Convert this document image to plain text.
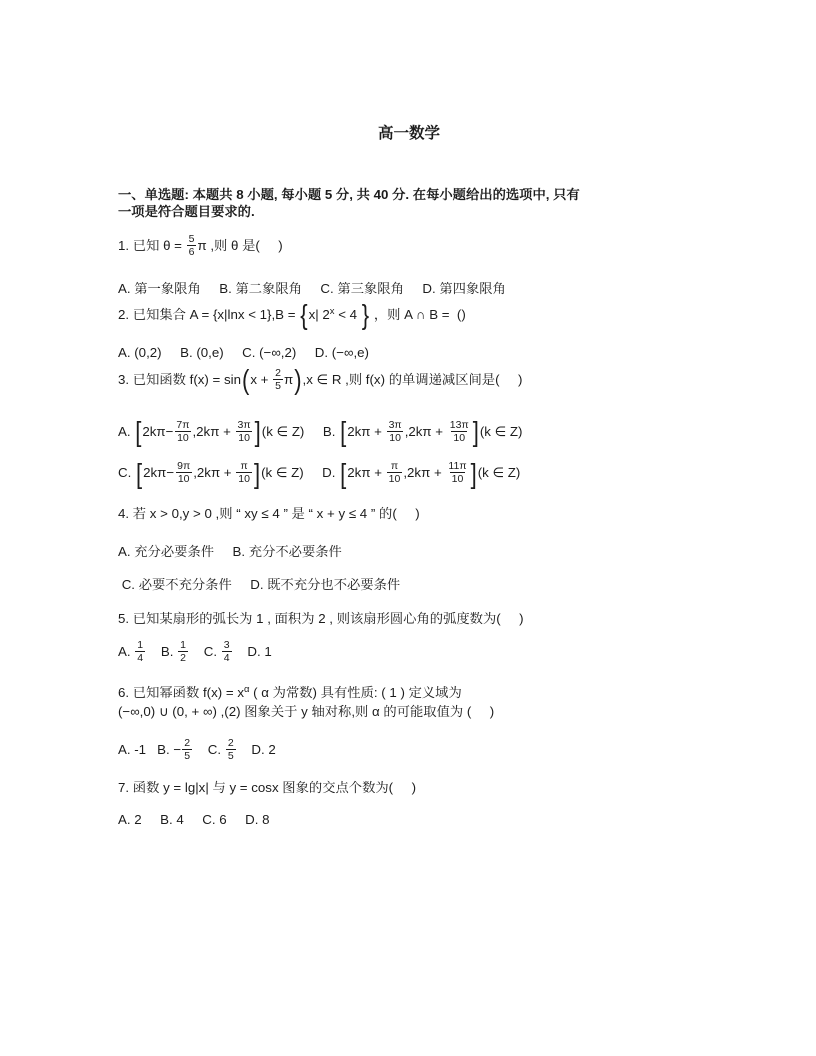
高一数学

一、单选题: 本题共 8 小题, 每小题 5 分, 共 40 分. 在每小题给出的选项中, 只有
一项是符合题目要求的.

1. 已知 $\theta = \frac{5}{6}$ π ,则 θ 是(     )
A. 第一象限角     B. 第二象限角     C. 第三象限角     D. 第四象限角
2. 已知集合 A = {x|lnx < 1},B = {x| $2^x < 4$ } ，则 A ∩ B =  ()
A. (0,2)     B. (0,e)     C. (−∞,2)     D. (−∞,e)
3. 已知函数 $f(x) = \sin(x + \frac{2}{5} \pi),x$ ∈ R ,则 f(x) 的单调递减区间是(     )
A. $[2k\pi- \frac{7\pi}{10} ,2k\pi + \frac{3\pi}{10} ](k$ ∈ Z)     B. $[2k\pi + \frac{3\pi}{10} ,2k\pi + \frac{13\pi}{10} ](k$ ∈ Z)
C. $[2k\pi- \frac{9\pi}{10} ,2k\pi + \frac{\pi}{10} ](k$ ∈ Z)     D. $[2k\pi + \frac{\pi}{10} ,2k\pi + \frac{11\pi}{10} ](k$ ∈ Z)
4. 若 x > 0,y > 0 ,则 “ xy ≤ 4 ” 是 “ x + y ≤ 4 ” 的(     )
A. 充分必要条件     B. 充分不必要条件
C. 必要不充分条件     D. 既不充分也不必要条件
5. 已知某扇形的弧长为 1 , 面积为 2 , 则该扇形圆心角的弧度数为(     )
A. $\frac{1}{4} B$. $\frac{1}{2} C$. $\frac{3}{4} D$. 1
6. 已知幂函数 $f(x) = x^\alpha$ ( α 为常数) 具有性质: ( 1 ) 定义域为
(−∞,0) ∪ (0, + ∞) ,(2) 图象关于 y 轴对称,则 α 的可能取值为 (     )
A. -1   B. − $\frac{2}{5} C$. $\frac{2}{5} D$. 2
7. 函数 y = lg|x| 与 y = cosx 图象的交点个数为(     )
A. 2     B. 4     C. 6     D. 8
